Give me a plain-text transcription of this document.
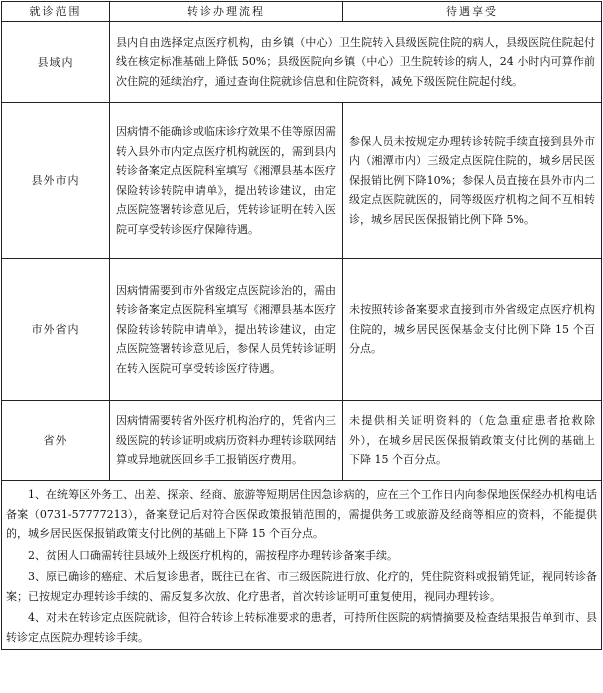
就诊范围	转诊办理流程	待遇享受
县域内	县内自由选择定点医疗机构，由乡镇（中心）卫生院转入县级医院住院的病人，县级医院住院起付线在核定标准基础上降低 50%；县级医院向乡镇（中心）卫生院转诊的病人，24 小时内可算作前次住院的延续治疗，通过查询住院就诊信息和住院资料，减免下级医院住院起付线。	
县外市内	因病情不能确诊或临床诊疗效果不佳等原因需转入县外市内定点医疗机构就医的，需到县内转诊备案定点医院科室填写《湘潭县基本医疗保险转诊转院申请单》，提出转诊建议，由定点医院签署转诊意见后，凭转诊证明在转入医院可享受转诊医疗保障待遇。	参保人员未按规定办理转诊转院手续直接到县外市内（湘潭市内）三级定点医院住院的，城乡居民医保报销比例下降10%；参保人员直接在县外市内二级定点医院就医的，同等级医疗机构之间不互相转诊，城乡居民医保报销比例下降 5%。
市外省内	因病情需要到市外省级定点医院诊治的，需由转诊备案定点医院科室填写《湘潭县基本医疗保险转诊转院申请单》，提出转诊建议，由定点医院签署转诊意见后，参保人员凭转诊证明在转入医院可享受转诊医疗待遇。	未按照转诊备案要求直接到市外省级定点医疗机构住院的，城乡居民医保基金支付比例下降 15 个百分点。
省外	因病情需要转省外医疗机构治疗的，凭省内三级医院的转诊证明或病历资料办理转诊联网结算或异地就医回乡手工报销医疗费用。	未提供相关证明资料的（危急重症患者抢救除外），在城乡居民医保报销政策支付比例的基础上下降 15 个百分点。

1、在统筹区外务工、出差、探亲、经商、旅游等短期居住因急诊病的，应在三个工作日内向参保地医保经办机构电话备案（0731-57777213），备案登记后对符合医保政策报销范围的，需提供务工或旅游及经商等相应的资料，不能提供的，城乡居民医保报销政策支付比例的基础上下降 15 个百分点。

2、贫困人口确需转往县域外上级医疗机构的，需按程序办理转诊备案手续。

3、原已确诊的癌症、术后复诊患者，既往已在省、市三级医院进行放、化疗的，凭住院资料或报销凭证，视同转诊备案；已按规定办理转诊手续的、需反复多次放、化疗患者，首次转诊证明可重复使用，视同办理转诊。

4、对未在转诊定点医院就诊，但符合转诊上转标准要求的患者，可持所住医院的病情摘要及检查结果报告单到市、县转诊定点医院办理转诊手续。		
